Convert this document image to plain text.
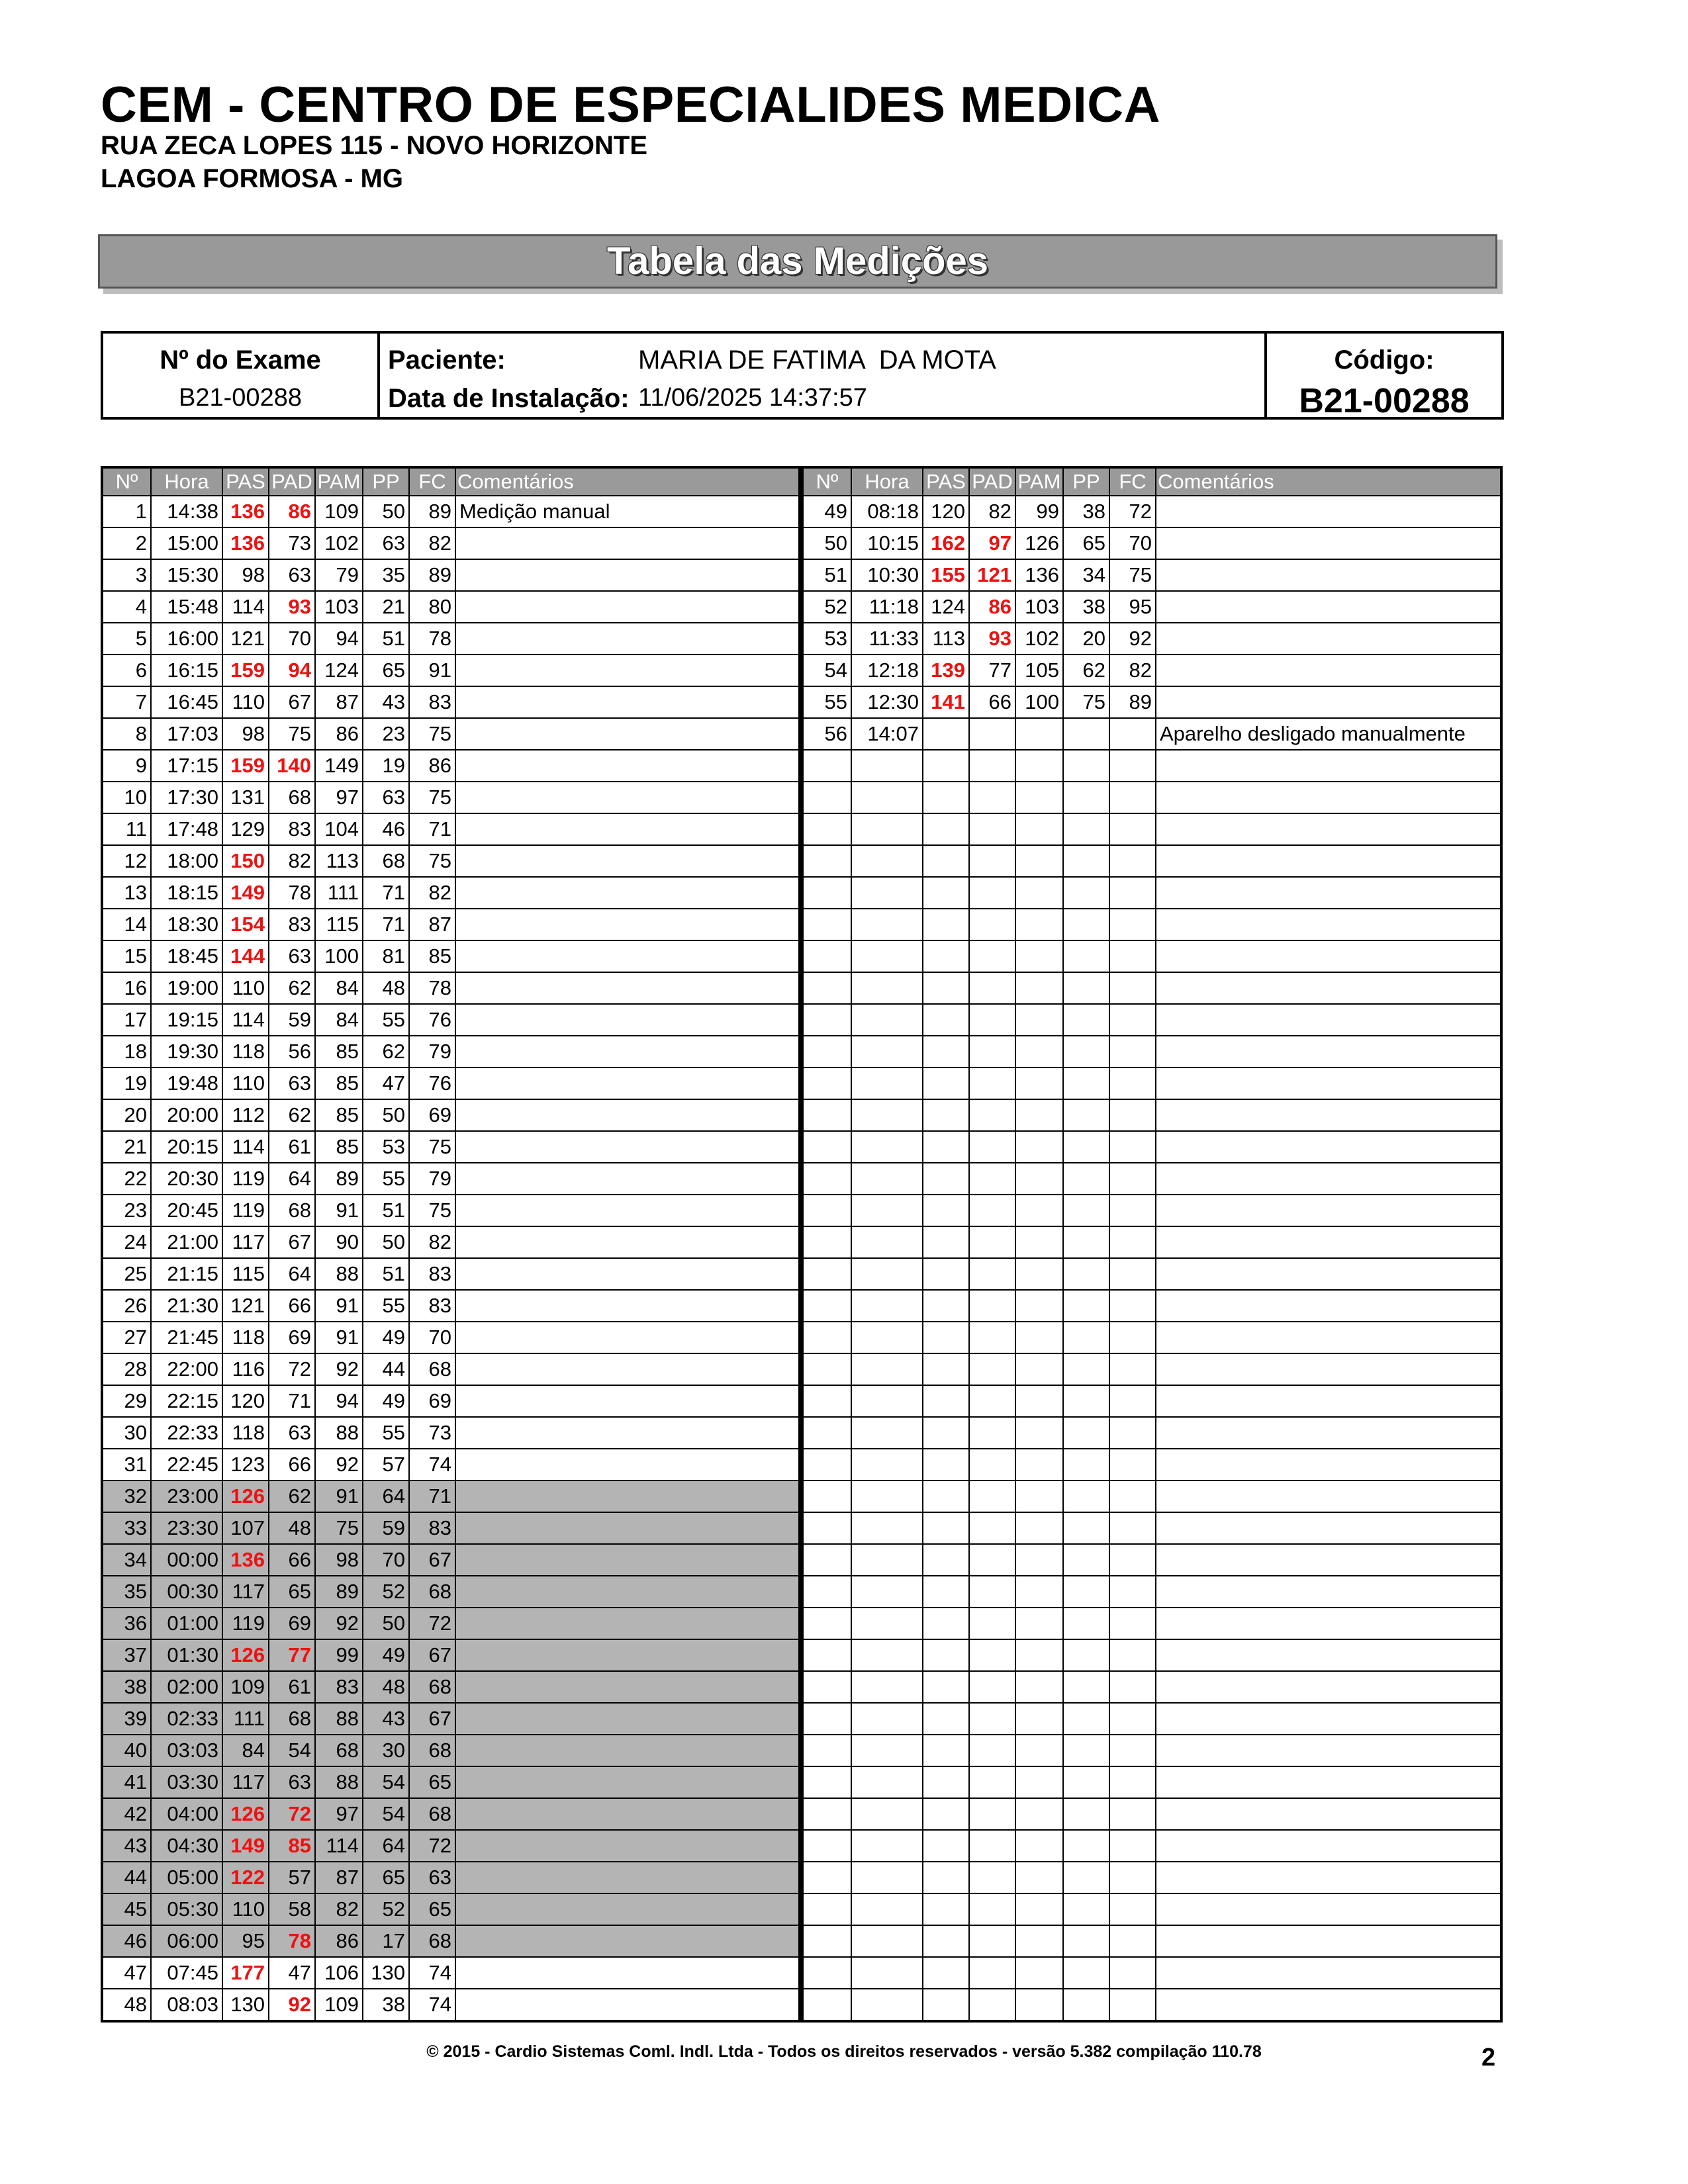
CEM - CENTRO DE ESPECIALIDES MEDICA
RUA ZECA LOPES 115 - NOVO HORIZONTE
LAGOA FORMOSA - MG
Tabela das Medições
Nº do Exame
B21-00288
Paciente:	MARIA DE FATIMA  DA MOTA
Data de Instalação: 11/06/2025 14:37:57
Código:
B21-00288
Nº	Hora	PAS	PAD	PAM	PP	FC	Comentários
1	14:38	136	86	109	50	89	Medição manual
2	15:00	136	73	102	63	82	
3	15:30	98	63	79	35	89	
4	15:48	114	93	103	21	80	
5	16:00	121	70	94	51	78	
6	16:15	159	94	124	65	91	
7	16:45	110	67	87	43	83	
8	17:03	98	75	86	23	75	
9	17:15	159	140	149	19	86	
10	17:30	131	68	97	63	75	
11	17:48	129	83	104	46	71	
12	18:00	150	82	113	68	75	
13	18:15	149	78	111	71	82	
14	18:30	154	83	115	71	87	
15	18:45	144	63	100	81	85	
16	19:00	110	62	84	48	78	
17	19:15	114	59	84	55	76	
18	19:30	118	56	85	62	79	
19	19:48	110	63	85	47	76	
20	20:00	112	62	85	50	69	
21	20:15	114	61	85	53	75	
22	20:30	119	64	89	55	79	
23	20:45	119	68	91	51	75	
24	21:00	117	67	90	50	82	
25	21:15	115	64	88	51	83	
26	21:30	121	66	91	55	83	
27	21:45	118	69	91	49	70	
28	22:00	116	72	92	44	68	
29	22:15	120	71	94	49	69	
30	22:33	118	63	88	55	73	
31	22:45	123	66	92	57	74	
32	23:00	126	62	91	64	71	
33	23:30	107	48	75	59	83	
34	00:00	136	66	98	70	67	
35	00:30	117	65	89	52	68	
36	01:00	119	69	92	50	72	
37	01:30	126	77	99	49	67	
38	02:00	109	61	83	48	68	
39	02:33	111	68	88	43	67	
40	03:03	84	54	68	30	68	
41	03:30	117	63	88	54	65	
42	04:00	126	72	97	54	68	
43	04:30	149	85	114	64	72	
44	05:00	122	57	87	65	63	
45	05:30	110	58	82	52	65	
46	06:00	95	78	86	17	68	
47	07:45	177	47	106	130	74	
48	08:03	130	92	109	38	74	
Nº	Hora	PAS	PAD	PAM	PP	FC	Comentários
49	08:18	120	82	99	38	72	
50	10:15	162	97	126	65	70	
51	10:30	155	121	136	34	75	
52	11:18	124	86	103	38	95	
53	11:33	113	93	102	20	92	
54	12:18	139	77	105	62	82	
55	12:30	141	66	100	75	89	
56	14:07						Aparelho desligado manualmente

© 2015 - Cardio Sistemas Coml. Indl. Ltda - Todos os direitos reservados - versão 5.382 compilação 110.78	2
